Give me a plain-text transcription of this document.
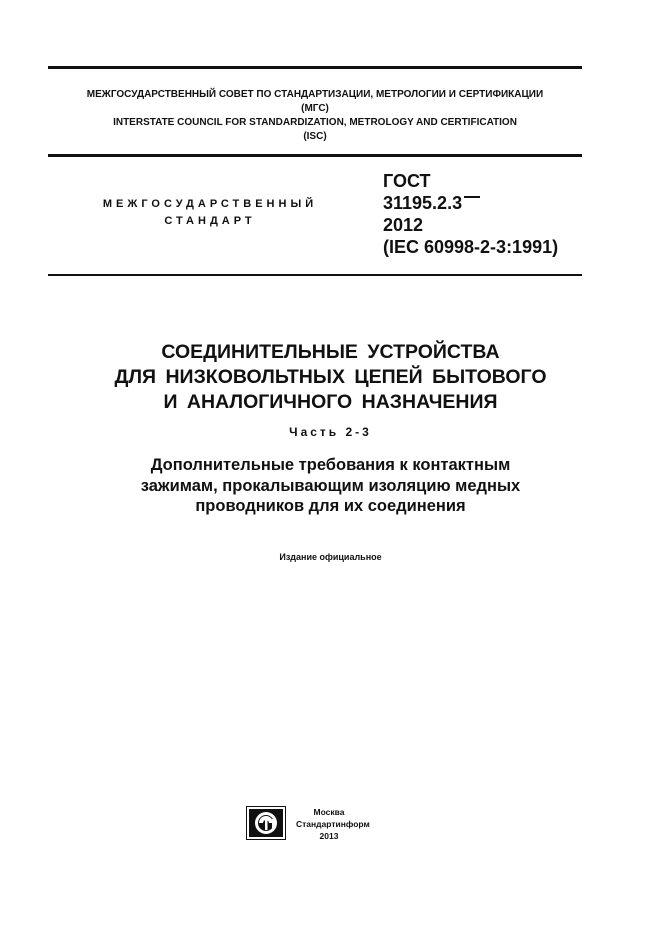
МЕЖГОСУДАРСТВЕННЫЙ СОВЕТ ПО СТАНДАРТИЗАЦИИ, МЕТРОЛОГИИ И СЕРТИФИКАЦИИ
(МГС)
INTERSTATE COUNCIL FOR STANDARDIZATION, METROLOGY AND CERTIFICATION
(ISC)
МЕЖГОСУДАРСТВЕННЫЙ
СТАНДАРТ
ГОСТ
31195.2.3
2012
(IEC 60998-2-3:1991)
СОЕДИНИТЕЛЬНЫЕ УСТРОЙСТВА
ДЛЯ НИЗКОВОЛЬТНЫХ ЦЕПЕЙ БЫТОВОГО
И АНАЛОГИЧНОГО НАЗНАЧЕНИЯ
Часть 2-3
Дополнительные требования к контактным
зажимам, прокалывающим изоляцию медных
проводников для их соединения
Издание официальное
Москва
Стандартинформ
2013
